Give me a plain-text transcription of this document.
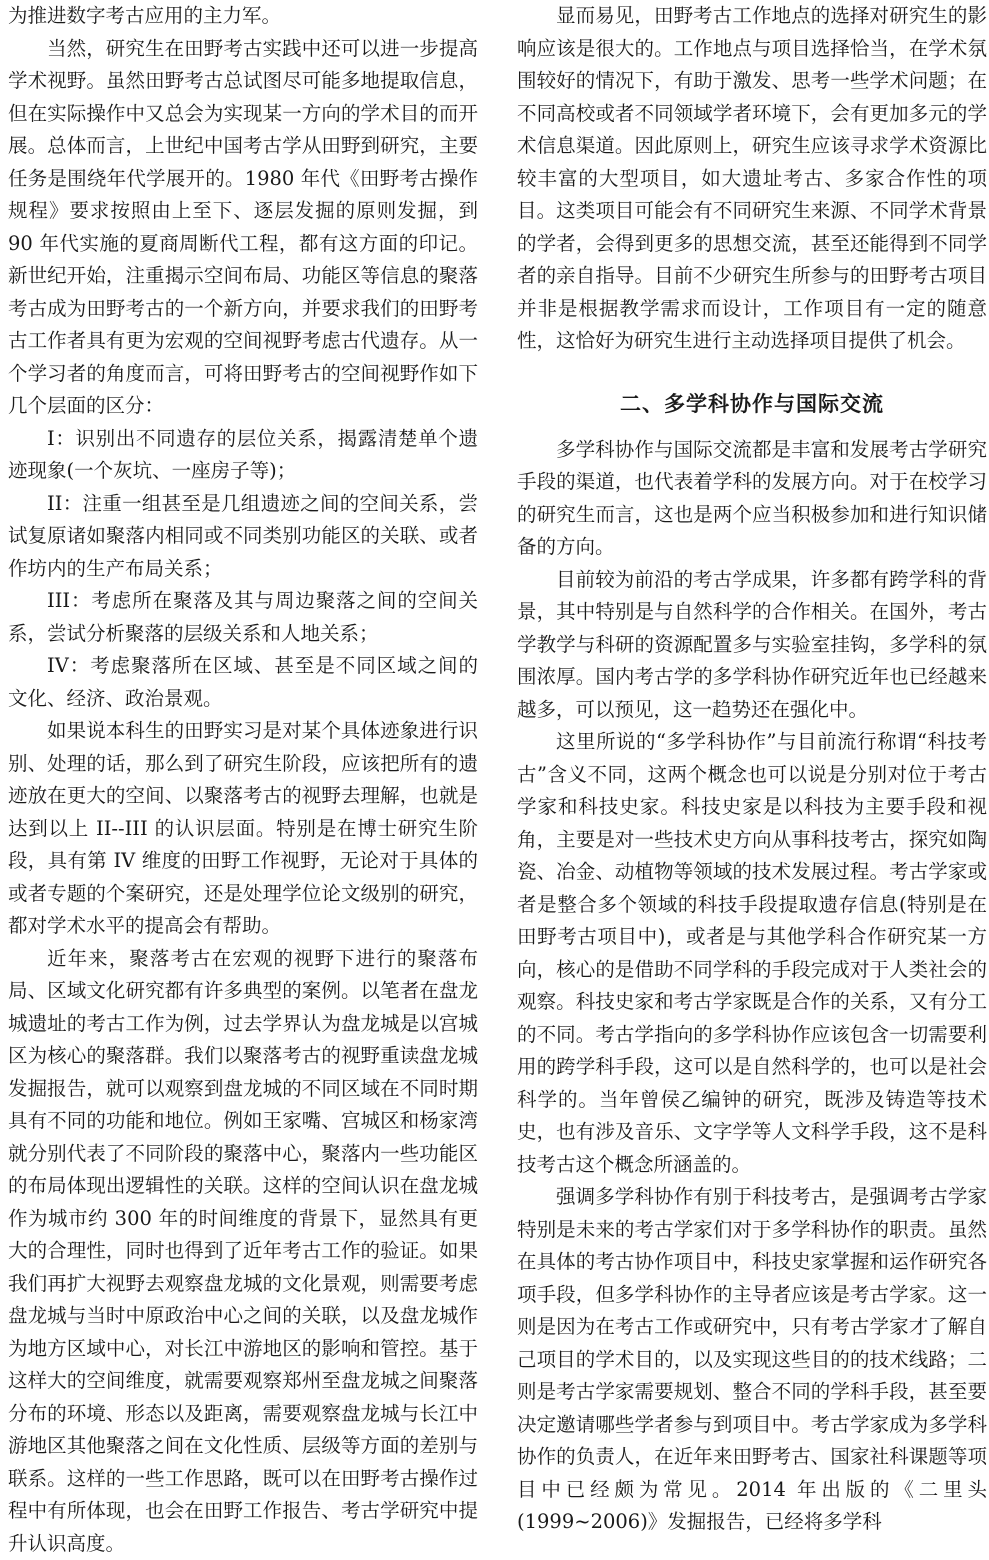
为推进数字考古应用的主力军。

当然，研究生在田野考古实践中还可以进一步提高学术视野。虽然田野考古总试图尽可能多地提取信息，但在实际操作中又总会为实现某一方向的学术目的而开展。总体而言，上世纪中国考古学从田野到研究，主要任务是围绕年代学展开的。1980 年代《田野考古操作规程》要求按照由上至下、逐层发掘的原则发掘，到 90 年代实施的夏商周断代工程，都有这方面的印记。新世纪开始，注重揭示空间布局、功能区等信息的聚落考古成为田野考古的一个新方向，并要求我们的田野考古工作者具有更为宏观的空间视野考虑古代遗存。从一个学习者的角度而言，可将田野考古的空间视野作如下几个层面的区分：

I：识别出不同遗存的层位关系，揭露清楚单个遗迹现象(一个灰坑、一座房子等)；

II：注重一组甚至是几组遗迹之间的空间关系，尝试复原诸如聚落内相同或不同类别功能区的关联、或者作坊内的生产布局关系；

III：考虑所在聚落及其与周边聚落之间的空间关系，尝试分析聚落的层级关系和人地关系；

IV：考虑聚落所在区域、甚至是不同区域之间的文化、经济、政治景观。

如果说本科生的田野实习是对某个具体迹象进行识别、处理的话，那么到了研究生阶段，应该把所有的遗迹放在更大的空间、以聚落考古的视野去理解，也就是达到以上 II--III 的认识层面。特别是在博士研究生阶段，具有第 IV 维度的田野工作视野，无论对于具体的或者专题的个案研究，还是处理学位论文级别的研究，都对学术水平的提高会有帮助。

近年来，聚落考古在宏观的视野下进行的聚落布局、区域文化研究都有许多典型的案例。以笔者在盘龙城遗址的考古工作为例，过去学界认为盘龙城是以宫城区为核心的聚落群。我们以聚落考古的视野重读盘龙城发掘报告，就可以观察到盘龙城的不同区域在不同时期具有不同的功能和地位。例如王家嘴、宫城区和杨家湾就分别代表了不同阶段的聚落中心，聚落内一些功能区的布局体现出逻辑性的关联。这样的空间认识在盘龙城作为城市约 300 年的时间维度的背景下，显然具有更大的合理性，同时也得到了近年考古工作的验证。如果我们再扩大视野去观察盘龙城的文化景观，则需要考虑盘龙城与当时中原政治中心之间的关联，以及盘龙城作为地方区域中心，对长江中游地区的影响和管控。基于这样大的空间维度，就需要观察郑州至盘龙城之间聚落分布的环境、形态以及距离，需要观察盘龙城与长江中游地区其他聚落之间在文化性质、层级等方面的差别与联系。这样的一些工作思路，既可以在田野考古操作过程中有所体现，也会在田野工作报告、考古学研究中提升认识高度。

显而易见，田野考古工作地点的选择对研究生的影响应该是很大的。工作地点与项目选择恰当，在学术氛围较好的情况下，有助于激发、思考一些学术问题；在不同高校或者不同领域学者环境下，会有更加多元的学术信息渠道。因此原则上，研究生应该寻求学术资源比较丰富的大型项目，如大遗址考古、多家合作性的项目。这类项目可能会有不同研究生来源、不同学术背景的学者，会得到更多的思想交流，甚至还能得到不同学者的亲自指导。目前不少研究生所参与的田野考古项目并非是根据教学需求而设计，工作项目有一定的随意性，这恰好为研究生进行主动选择项目提供了机会。

二、多学科协作与国际交流

多学科协作与国际交流都是丰富和发展考古学研究手段的渠道，也代表着学科的发展方向。对于在校学习的研究生而言，这也是两个应当积极参加和进行知识储备的方向。

目前较为前沿的考古学成果，许多都有跨学科的背景，其中特别是与自然科学的合作相关。在国外，考古学教学与科研的资源配置多与实验室挂钩，多学科的氛围浓厚。国内考古学的多学科协作研究近年也已经越来越多，可以预见，这一趋势还在强化中。

这里所说的“多学科协作”与目前流行称谓“科技考古”含义不同，这两个概念也可以说是分别对位于考古学家和科技史家。科技史家是以科技为主要手段和视角，主要是对一些技术史方向从事科技考古，探究如陶瓷、冶金、动植物等领域的技术发展过程。考古学家或者是整合多个领域的科技手段提取遗存信息(特别是在田野考古项目中)，或者是与其他学科合作研究某一方向，核心的是借助不同学科的手段完成对于人类社会的观察。科技史家和考古学家既是合作的关系，又有分工的不同。考古学指向的多学科协作应该包含一切需要利用的跨学科手段，这可以是自然科学的，也可以是社会科学的。当年曾侯乙编钟的研究，既涉及铸造等技术史，也有涉及音乐、文字学等人文科学手段，这不是科技考古这个概念所涵盖的。

强调多学科协作有别于科技考古，是强调考古学家特别是未来的考古学家们对于多学科协作的职责。虽然在具体的考古协作项目中，科技史家掌握和运作研究各项手段，但多学科协作的主导者应该是考古学家。这一则是因为在考古工作或研究中，只有考古学家才了解自己项目的学术目的，以及实现这些目的的技术线路；二则是考古学家需要规划、整合不同的学科手段，甚至要决定邀请哪些学者参与到项目中。考古学家成为多学科协作的负责人，在近年来田野考古、国家社科课题等项目中已经颇为常见。2014 年出版的《二里头(1999~2006)》发掘报告，已经将多学科
